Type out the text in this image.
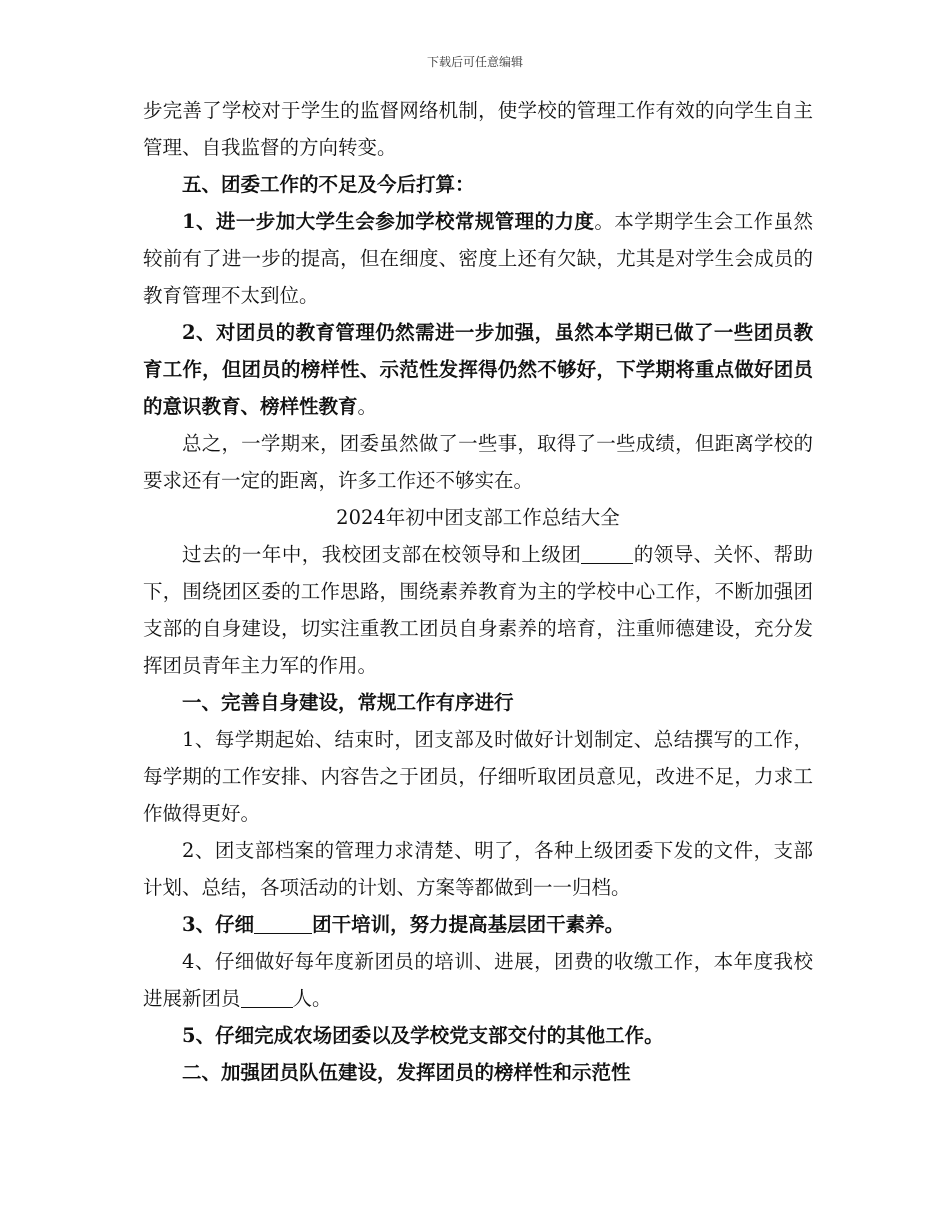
下载后可任意编辑

步完善了学校对于学生的监督网络机制，使学校的管理工作有效的向学生自主管理、自我监督的方向转变。

五、团委工作的不足及今后打算：

1、进一步加大学生会参加学校常规管理的力度。本学期学生会工作虽然较前有了进一步的提高，但在细度、密度上还有欠缺，尤其是对学生会成员的教育管理不太到位。

2、对团员的教育管理仍然需进一步加强，虽然本学期已做了一些团员教育工作，但团员的榜样性、示范性发挥得仍然不够好，下学期将重点做好团员的意识教育、榜样性教育。

总之，一学期来，团委虽然做了一些事，取得了一些成绩，但距离学校的要求还有一定的距离，许多工作还不够实在。

2024年初中团支部工作总结大全

过去的一年中，我校团支部在校领导和上级团	的领导、关怀、帮助下，围绕团区委的工作思路，围绕素养教育为主的学校中心工作，不断加强团支部的自身建设，切实注重教工团员自身素养的培育，注重师德建设，充分发挥团员青年主力军的作用。

一、完善自身建设，常规工作有序进行

1、每学期起始、结束时，团支部及时做好计划制定、总结撰写的工作，每学期的工作安排、内容告之于团员，仔细听取团员意见，改进不足，力求工作做得更好。

2、团支部档案的管理力求清楚、明了，各种上级团委下发的文件，支部计划、总结，各项活动的计划、方案等都做到一一归档。

3、仔细	团干培训，努力提高基层团干素养。

4、仔细做好每年度新团员的培训、进展，团费的收缴工作，本年度我校进展新团员	人。

5、仔细完成农场团委以及学校党支部交付的其他工作。

二、加强团员队伍建设，发挥团员的榜样性和示范性
